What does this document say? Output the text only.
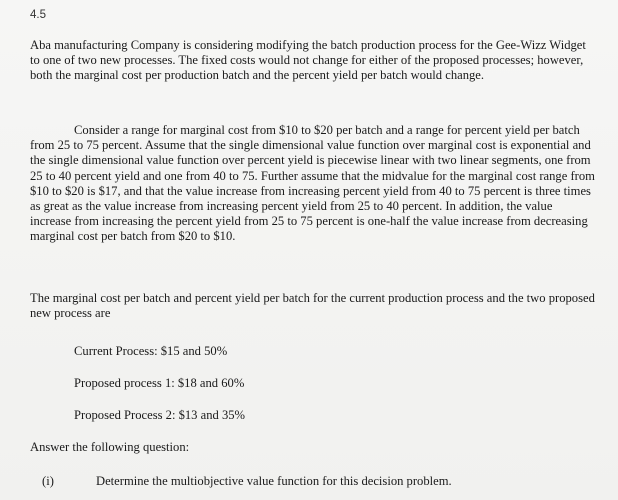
4.5

Aba manufacturing Company is considering modifying the batch production process for the Gee-Wizz Widget to one of two new processes. The fixed costs would not change for either of the proposed processes; however, both the marginal cost per production batch and the percent yield per batch would change.

Consider a range for marginal cost from $10 to $20 per batch and a range for percent yield per batch from 25 to 75 percent. Assume that the single dimensional value function over marginal cost is exponential and the single dimensional value function over percent yield is piecewise linear with two linear segments, one from 25 to 40 percent yield and one from 40 to 75. Further assume that the midvalue for the marginal cost range from $10 to $20 is $17, and that the value increase from increasing percent yield from 40 to 75 percent is three times as great as the value increase from increasing percent yield from 25 to 40 percent. In addition, the value increase from increasing the percent yield from 25 to 75 percent is one-half the value increase from decreasing marginal cost per batch from $20 to $10.

The marginal cost per batch and percent yield per batch for the current production process and the two proposed new process are

Current Process: $15 and 50%
Proposed process 1: $18 and 60%
Proposed Process 2: $13 and 35%
Answer the following question:
(i)	Determine the multiobjective value function for this decision problem.
